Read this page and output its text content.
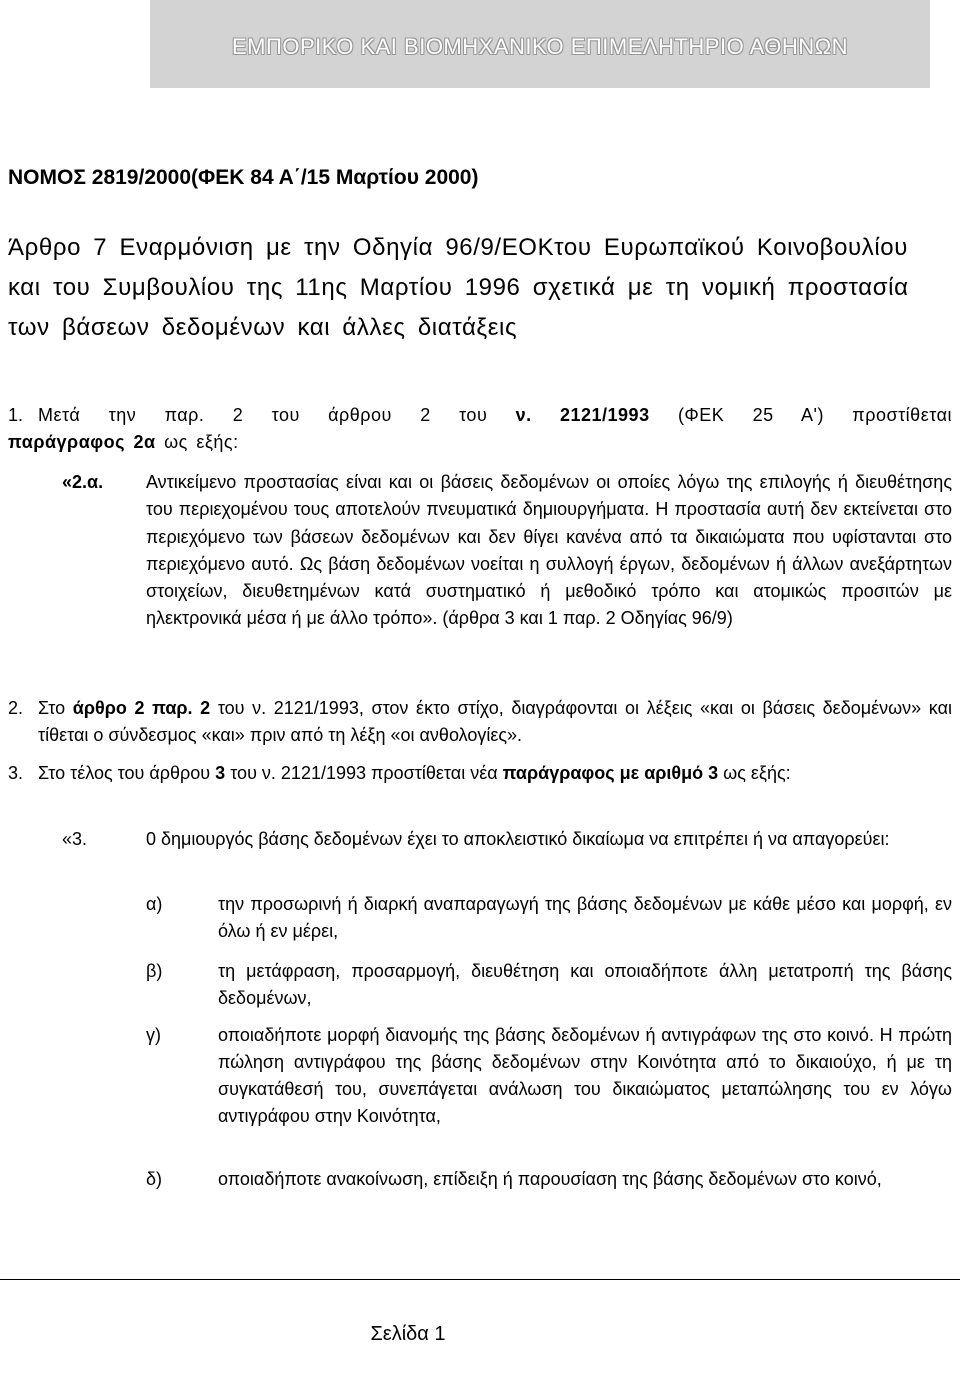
ΕΜΠΟΡΙΚΟ ΚΑΙ ΒΙΟΜΗΧΑΝΙΚΟ ΕΠΙΜΕΛΗΤΗΡΙΟ ΑΘΗΝΩΝ
ΝΟΜΟΣ 2819/2000(ΦΕΚ 84 Α΄/15 Μαρτίου 2000)
Άρθρο 7 Εναρμόνιση με την Οδηγία 96/9/ΕΟΚτου Ευρωπαϊκού Κοινοβουλίου και του Συμβουλίου της 11ης Μαρτίου 1996 σχετικά με τη νομική προστασία των βάσεων δεδομένων και άλλες διατάξεις
1. Μετά την παρ. 2 του άρθρου 2 του ν. 2121/1993 (ΦΕΚ 25 Α') προστίθεται
παράγραφος 2α ως εξής:
«2.α.	Αντικείμενο προστασίας είναι και οι βάσεις δεδομένων οι οποίες λόγω της επιλογής ή διευθέτησης του περιεχομένου τους αποτελούν πνευματικά δημιουργήματα. Η προστασία αυτή δεν εκτείνεται στο περιεχόμενο των βάσεων δεδομένων και δεν θίγει κανένα από τα δικαιώματα που υφίστανται στο περιεχόμενο αυτό. Ως βάση δεδομένων νοείται η συλλογή έργων, δεδομένων ή άλλων ανεξάρτητων στοιχείων, διευθετημένων κατά συστηματικό ή μεθοδικό τρόπο και ατομικώς προσιτών με ηλεκτρονικά μέσα ή με άλλο τρόπο». (άρθρα 3 και 1 παρ. 2 Οδηγίας 96/9)
2. Στο άρθρο 2 παρ. 2 του ν. 2121/1993, στον έκτο στίχο, διαγράφονται οι λέξεις «και οι βάσεις δεδομένων» και τίθεται ο σύνδεσμος «και» πριν από τη λέξη «οι ανθολογίες».
3. Στο τέλος του άρθρου 3 του ν. 2121/1993 προστίθεται νέα παράγραφος με αριθμό 3 ως εξής:
«3.	0 δημιουργός βάσης δεδομένων έχει το αποκλειστικό δικαίωμα να επιτρέπει ή να απαγορεύει:
α)	την προσωρινή ή διαρκή αναπαραγωγή της βάσης δεδομένων με κάθε μέσο και μορφή, εν όλω ή εν μέρει,
β)	τη μετάφραση, προσαρμογή, διευθέτηση και οποιαδήποτε άλλη μετατροπή της βάσης δεδομένων,
γ)	οποιαδήποτε μορφή διανομής της βάσης δεδομένων ή αντιγράφων της στο κοινό. Η πρώτη πώληση αντιγράφου της βάσης δεδομένων στην Κοινότητα από το δικαιούχο, ή με τη συγκατάθεσή του, συνεπάγεται ανάλωση του δικαιώματος μεταπώλησης του εν λόγω αντιγράφου στην Κοινότητα,
δ)	οποιαδήποτε ανακοίνωση, επίδειξη ή παρουσίαση της βάσης δεδομένων στο κοινό,
Σελίδα 1
